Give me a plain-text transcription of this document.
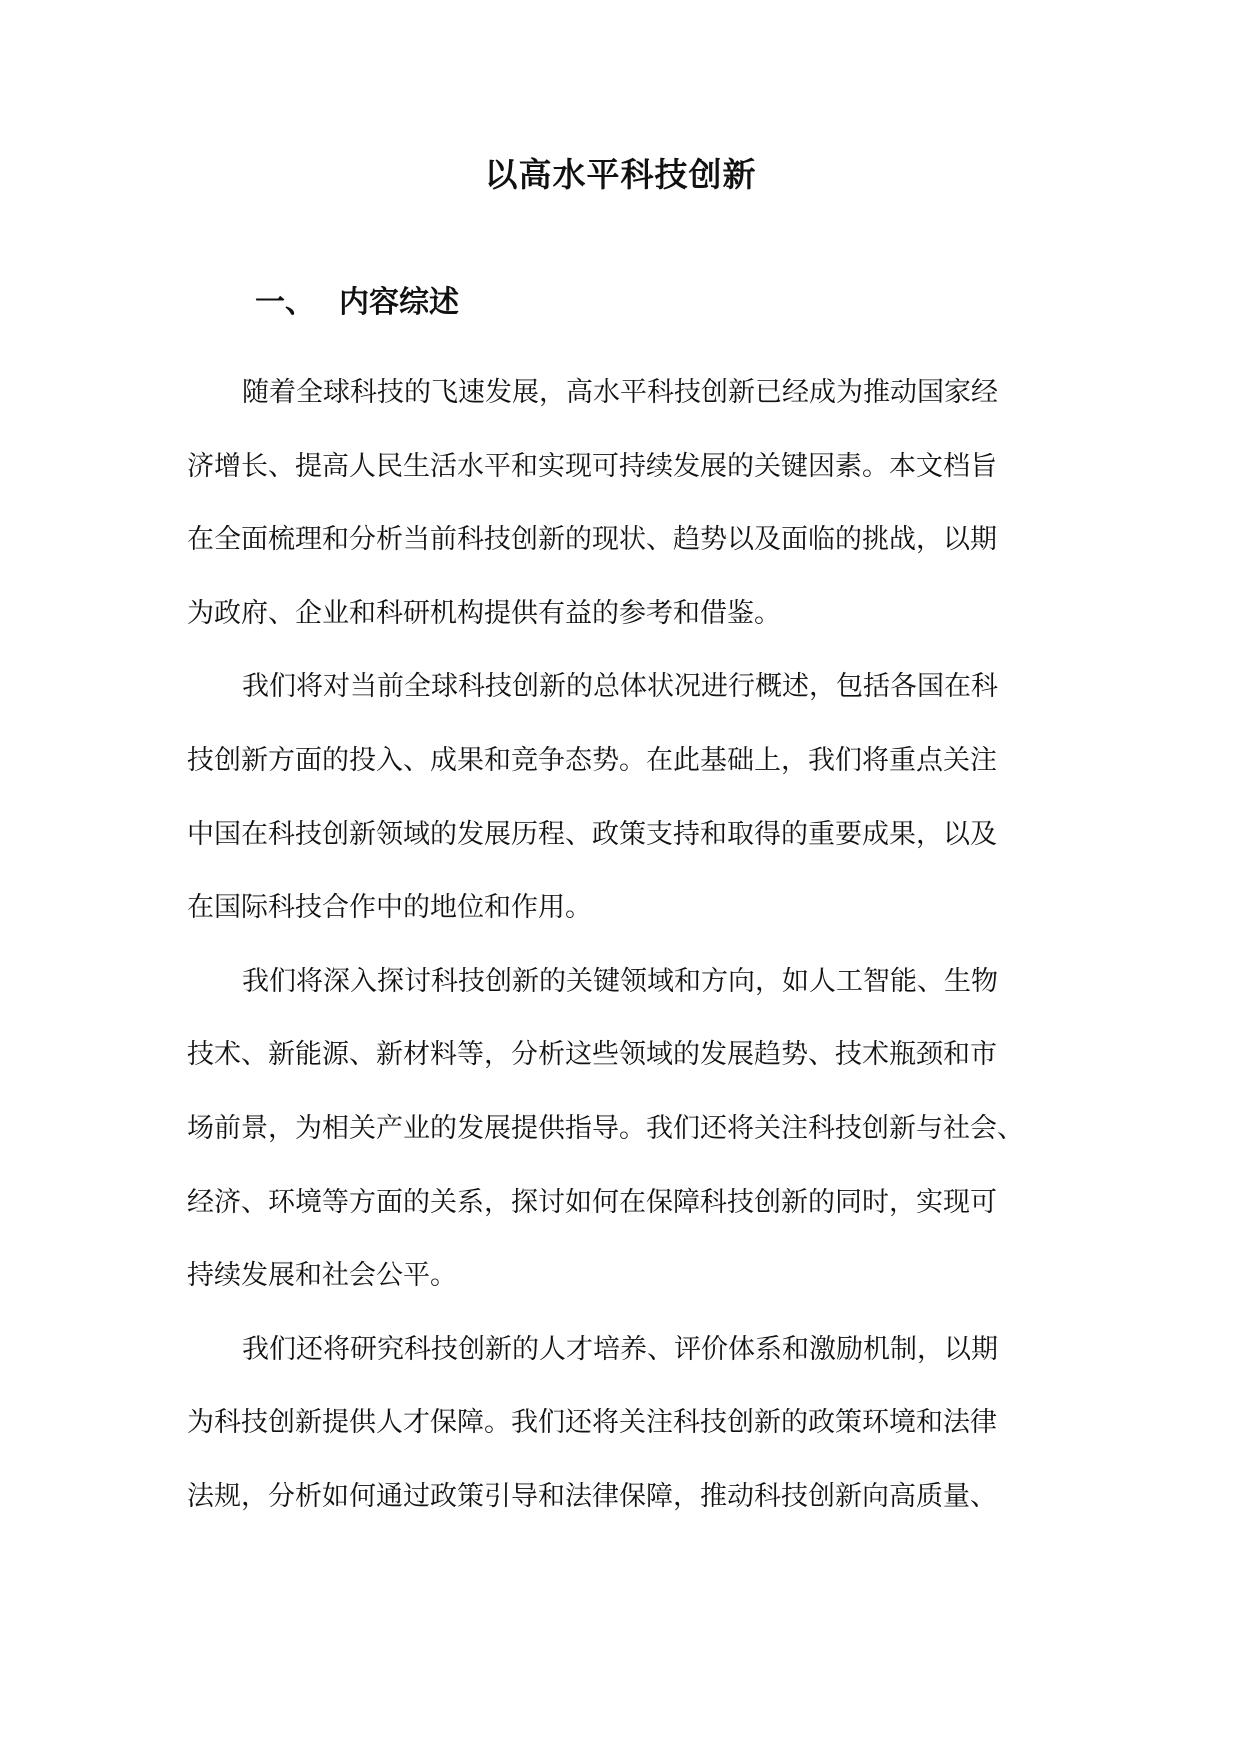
以高水平科技创新
一、 内容综述

随着全球科技的飞速发展，高水平科技创新已经成为推动国家经
济增长、提高人民生活水平和实现可持续发展的关键因素。本文档旨
在全面梳理和分析当前科技创新的现状、趋势以及面临的挑战，以期
为政府、企业和科研机构提供有益的参考和借鉴。

我们将对当前全球科技创新的总体状况进行概述，包括各国在科
技创新方面的投入、成果和竞争态势。在此基础上，我们将重点关注
中国在科技创新领域的发展历程、政策支持和取得的重要成果，以及
在国际科技合作中的地位和作用。

我们将深入探讨科技创新的关键领域和方向，如人工智能、生物
技术、新能源、新材料等，分析这些领域的发展趋势、技术瓶颈和市
场前景，为相关产业的发展提供指导。我们还将关注科技创新与社会、
经济、环境等方面的关系，探讨如何在保障科技创新的同时，实现可
持续发展和社会公平。

我们还将研究科技创新的人才培养、评价体系和激励机制，以期
为科技创新提供人才保障。我们还将关注科技创新的政策环境和法律
法规，分析如何通过政策引导和法律保障，推动科技创新向高质量、
